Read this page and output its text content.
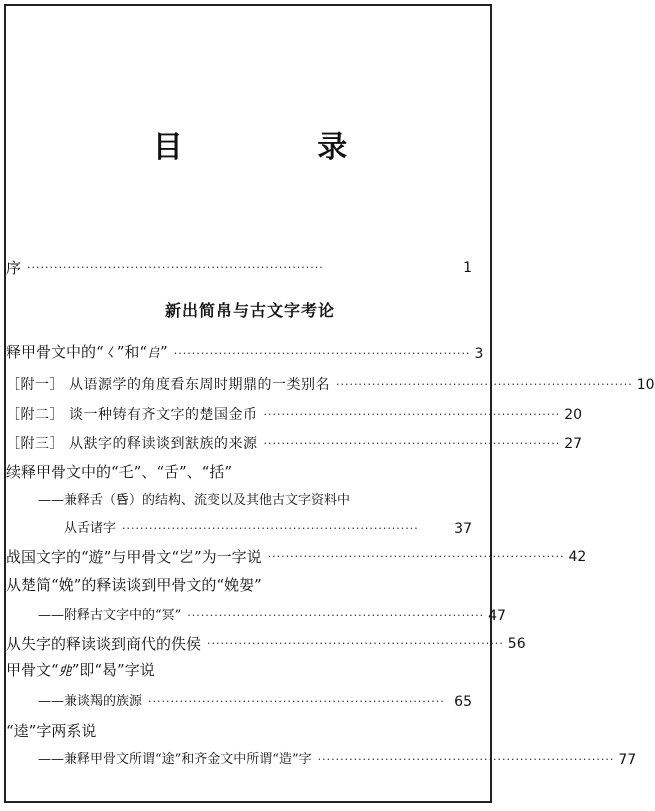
目 录
序 ··································································	1
新出简帛与古文字考论
释甲骨文中的“𡿨”和“𠂤” ·································································· 3
［附一］ 从语源学的角度看东周时期鼎的一类别名 ·································································· 10
［附二］ 谈一种铸有齐文字的楚国金币 ·································································· 20
［附三］ 从㝬字的释读谈到㝬族的来源 ·································································· 27
续释甲骨文中的“乇”、“舌”、“括”
——兼释舌（𠯑）的结构、流变以及其他古文字资料中
从舌诸字 ··································································	37
战国文字的“遊”与甲骨文“𡴯”为一字说 ·································································· 42
从楚简“娩”的释读谈到甲骨文的“娩妿”
——附释古文字中的“冥” ·································································· 47
从失字的释读谈到商代的佚侯 ·································································· 56
甲骨文“𠑹”即“曷”字说
——兼谈羯的族源 ·································································· 65
“逵”字两系说
——兼释甲骨文所谓“途”和齐金文中所谓“造”字 ·································································· 77
